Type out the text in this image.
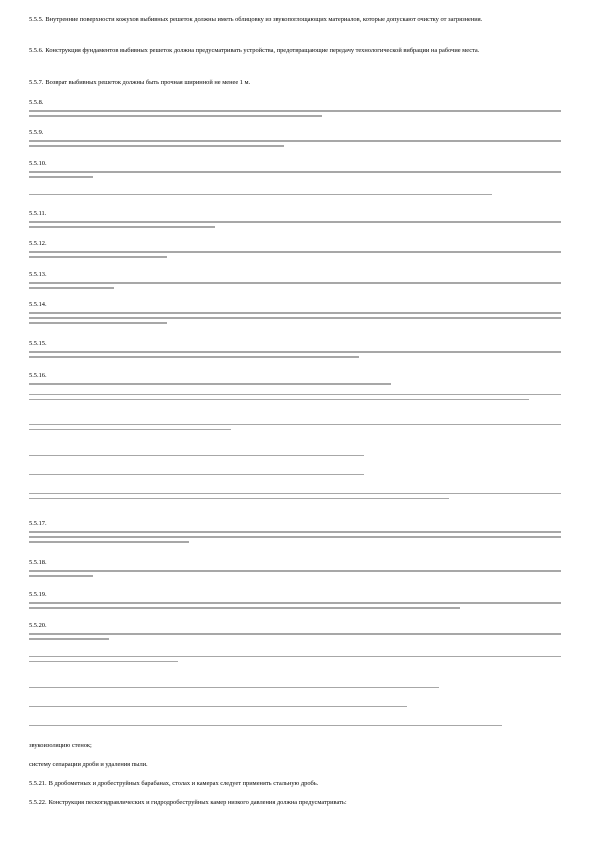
5.5.5. Внутренние поверхности кожухов выбивных решеток должны иметь облицовку из звукопоглощающих материалов, которые допускают очистку от загрязнения.

5.5.6. Конструкция фундаментов выбивных решеток должна предусматривать устройства, предотвращающие передачу технологической вибрации на рабочие места.

5.5.7. Возврат выбивных решеток должны быть прочная ширинной не менее 1 м.

5.5.8.
5.5.9.
5.5.10.
5.5.11.
5.5.12.
5.5.13.
5.5.14.
5.5.15.
5.5.16.
5.5.17.
5.5.18.
5.5.19.
5.5.20.

звукоизоляцию стенок;

систему сепарации дроби и удаления пыли.

5.5.21. В дробометных и дробеструйных барабанах, столах и камерах следует применять стальную дробь.

5.5.22. Конструкция пескогидравлических и гидродробеструйных камер низкого давления должна предусматривать:
